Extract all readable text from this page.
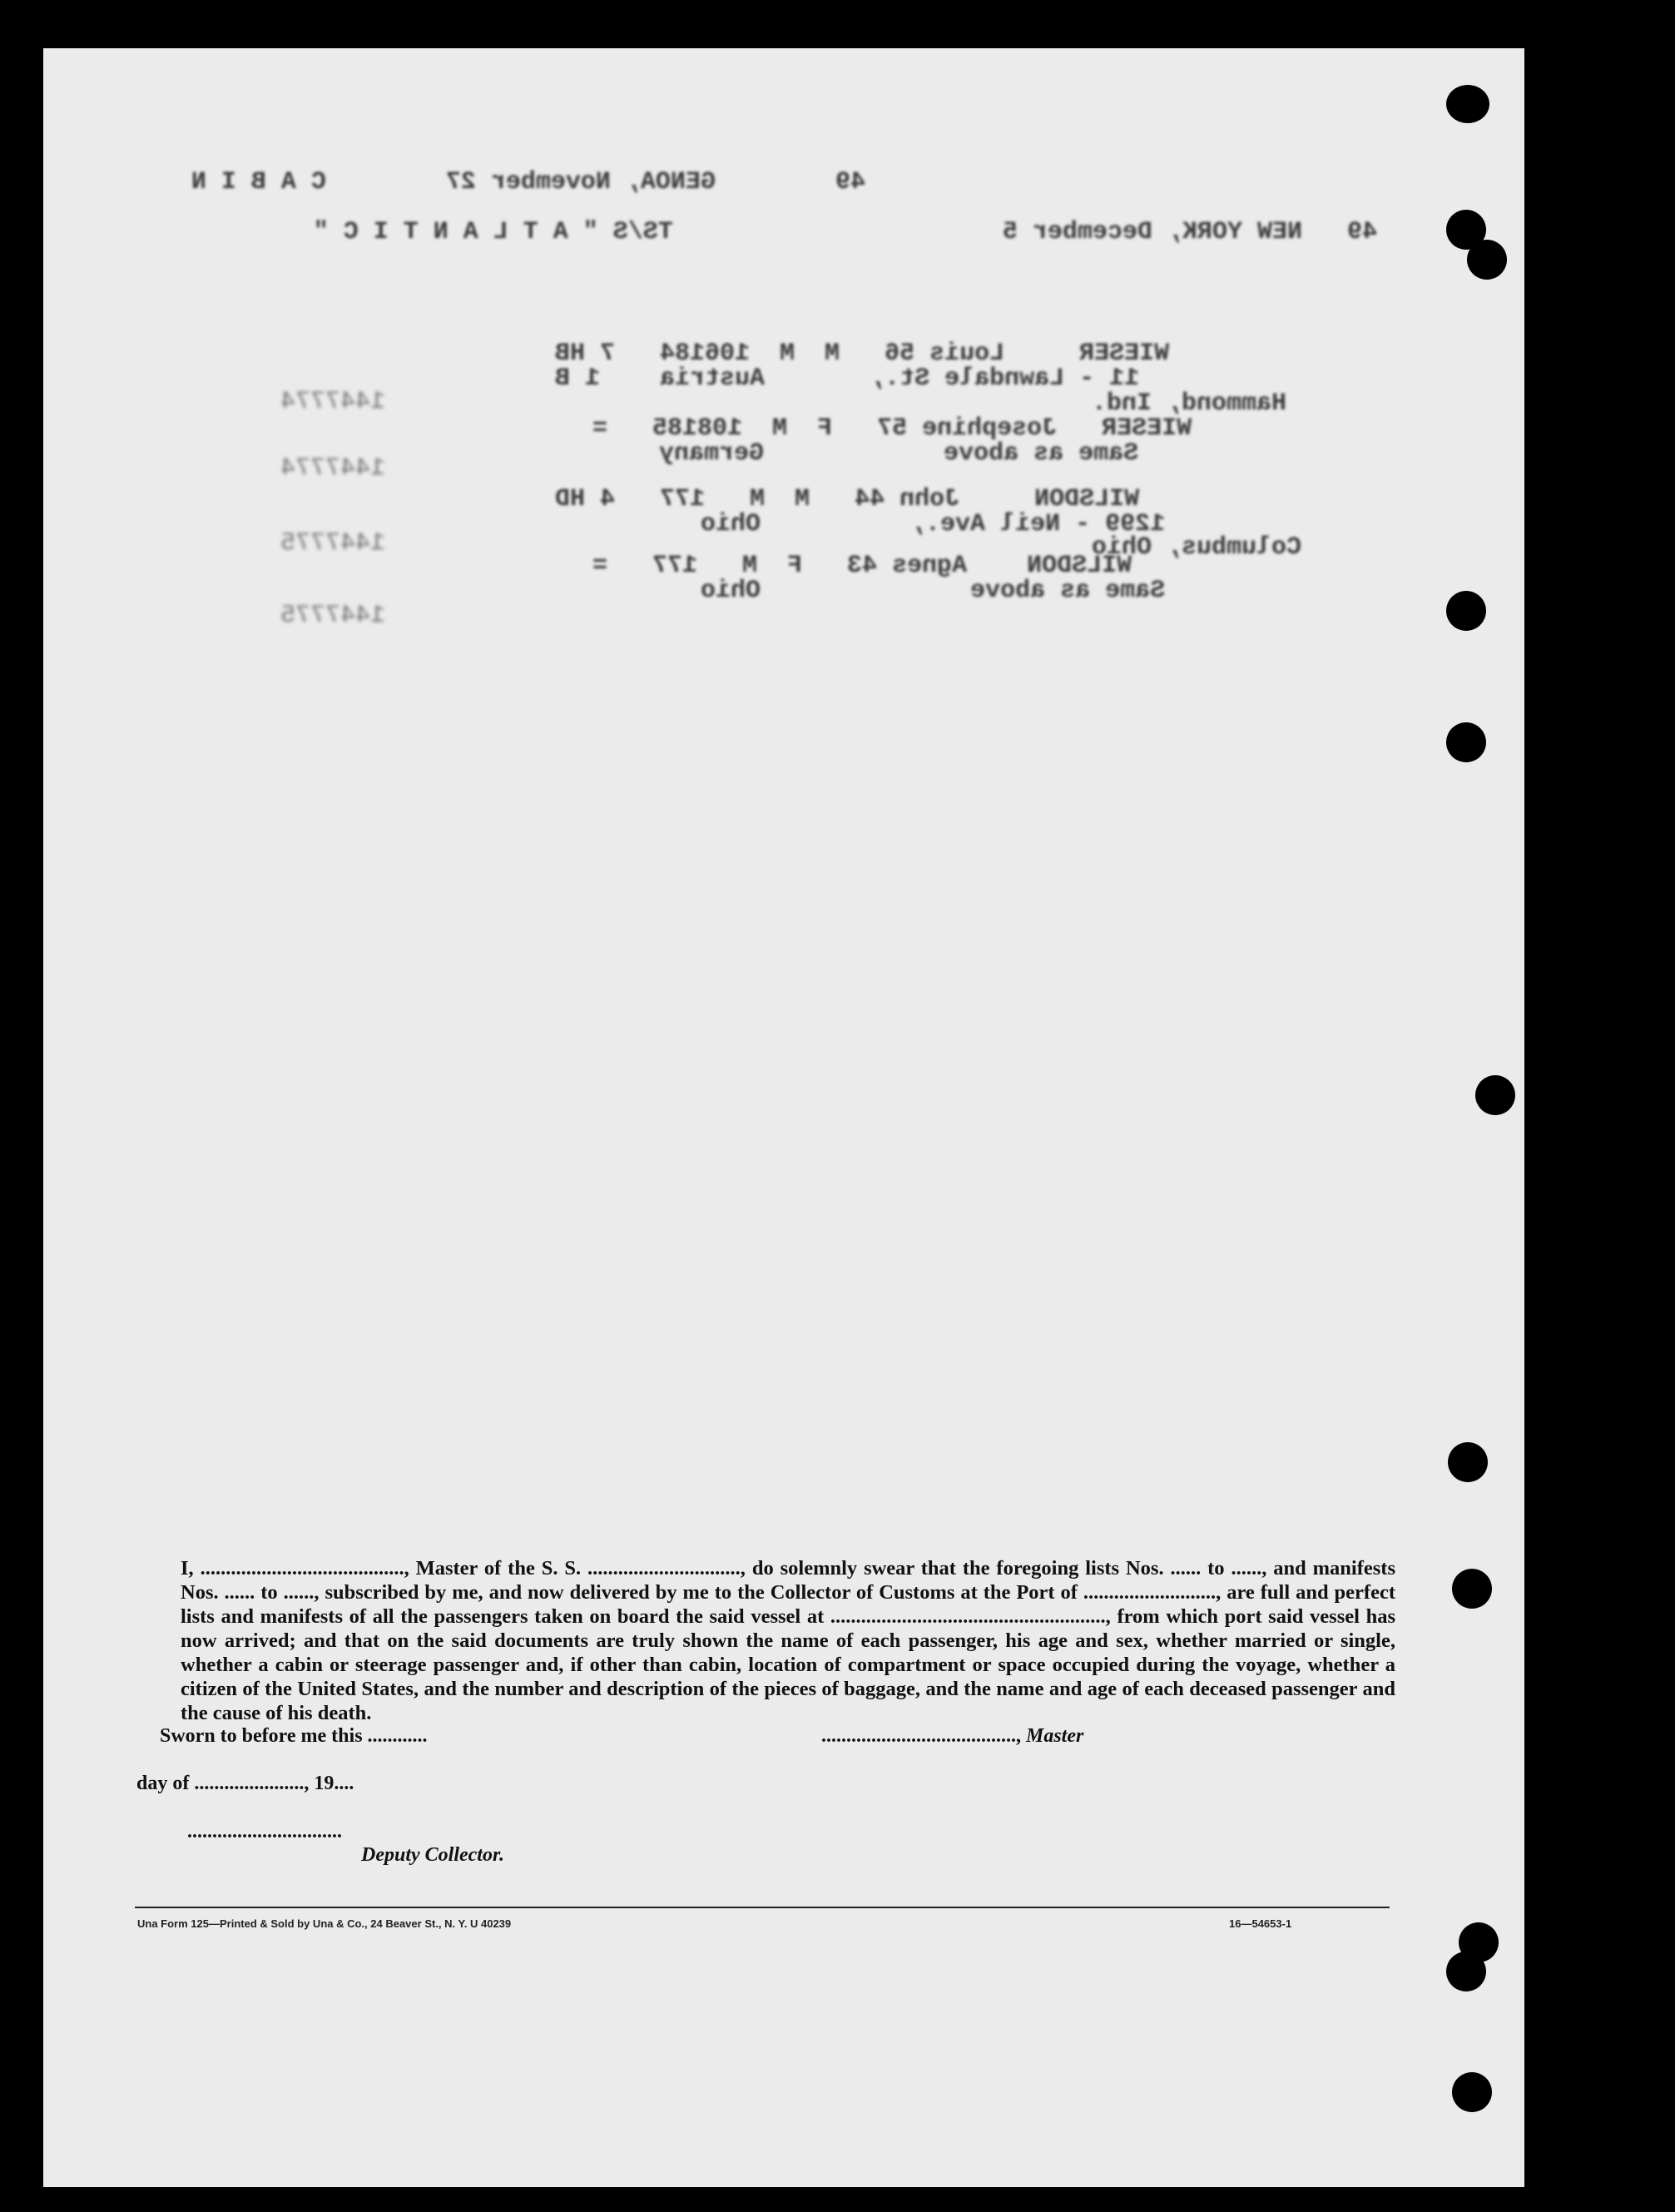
49        GENOA, November 27        C A B I N

49   NEW YORK, December 5                      TS/S " A T L A N T I C "

WIESER     Louis 56   M  M  106184   7 HB
11 - Lawndale St.,       Austria    1 B
Hammond, Ind.
1447774
WIESER   Josephine 57   F  M  108185   =
Same as above            Germany
1447774
WILSDON     John 44   M  M   177   4 HD
1299 - Neil Ave.,          Ohio
Columbus, Ohio
1447775
WILSDON    Agnes 43   F  M   177   =
Same as above              Ohio
1447775
I, ........................................, Master of the S. S. .............................., do solemnly swear that the foregoing lists Nos. ...... to ......, and manifests Nos. ...... to ......, subscribed by me, and now delivered by me to the Collector of Customs at the Port of .........................., are full and perfect lists and manifests of all the passengers taken on board the said vessel at ......................................................, from which port said vessel has now arrived; and that on the said documents are truly shown the name of each passenger, his age and sex, whether married or single, whether a cabin or steerage passenger and, if other than cabin, location of compartment or space occupied during the voyage, whether a citizen of the United States, and the number and description of the pieces of baggage, and the name and age of each deceased passenger and the cause of his death.
Sworn to before me this ............	......................................., Master
day of ......................, 19....
...............................
Deputy Collector.
Una Form 125—Printed & Sold by Una & Co., 24 Beaver St., N. Y. U 40239	16—54653-1
